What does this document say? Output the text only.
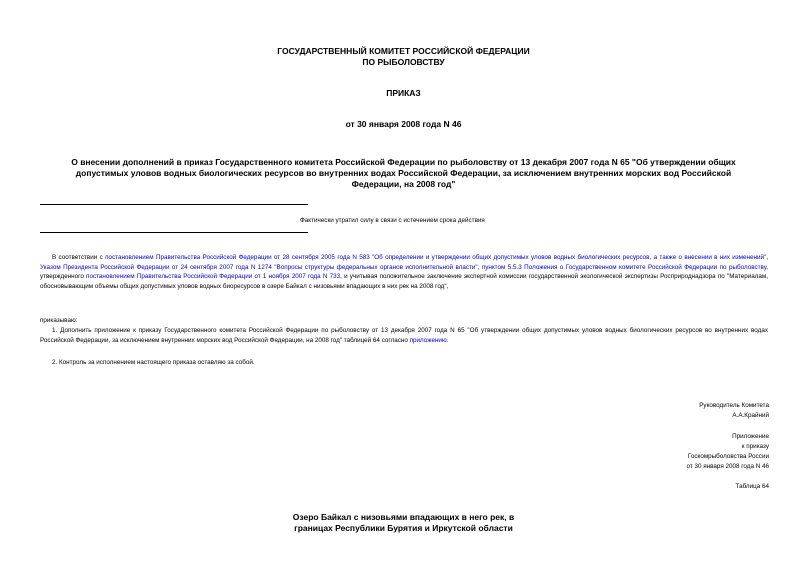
ГОСУДАРСТВЕННЫЙ КОМИТЕТ РОССИЙСКОЙ ФЕДЕРАЦИИ
ПО РЫБОЛОВСТВУ
ПРИКАЗ
от 30 января 2008 года N 46
О внесении дополнений в приказ Государственного комитета Российской Федерации по рыболовству от 13 декабря 2007 года N 65 "Об утверждении общих
допустимых уловов водных биологических ресурсов во внутренних водах Российской Федерации, за исключением внутренних морских вод Российской
Федерации, на 2008 год"
Фактически утратил силу в связи с истечением срока действия
В соответствии с постановлением Правительства Российской Федерации от 28 сентября 2005 года N 583 "Об определении и утверждении общих допустимых уловов водных биологических ресурсов, а также о внесении в них изменений", Указом Президента Российской Федерации от 24 сентября 2007 года N 1274 "Вопросы структуры федеральных органов исполнительной власти", пунктом 5.5.3 Положения о Государственном комитете Российской Федерации по рыболовству, утвержденного постановлением Правительства Российской Федерации от 1 ноября 2007 года N 733, и учитывая положительное заключение экспертной комиссии государственной экологической экспертизы Росприроднадзора по "Материалам, обосновывающим объемы общих допустимых уловов водных биоресурсов в озере Байкал с низовьями впадающих в них рек на 2008 год",
приказываю:
1. Дополнить приложение к приказу Государственного комитета Российской Федерации по рыболовству от 13 декабря 2007 года N 65 "Об утверждении общих допустимых уловов водных биологических ресурсов во внутренних водах Российской Федерации, за исключением внутренних морских вод Российской Федерации, на 2008 год" таблицей 64 согласно приложению.
2. Контроль за исполнением настоящего приказа оставляю за собой.
Руководитель Комитета
А.А.Крайний
Приложение
к приказу
Госкомрыболовства России
от 30 января 2008 года N 46
Таблица 64
Озеро Байкал с низовьями впадающих в него рек, в
границах Республики Бурятия и Иркутской области
